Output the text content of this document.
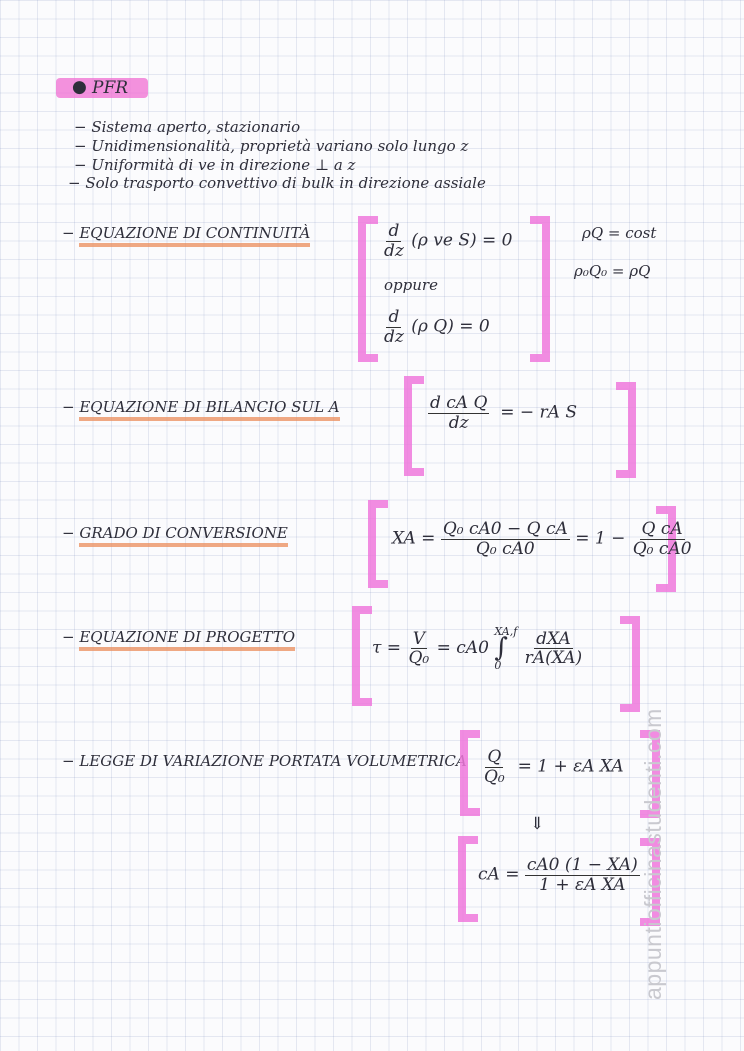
● PFR
− Sistema aperto, stazionario
− Unidimensionalità, proprietà variano solo lungo z
− Uniformità di ve in direzione ⊥ a z
− Solo trasporto convettivo di bulk in direzione assiale
− EQUAZIONE DI CONTINUITÀ	$\frac{d}{dz} (\rho$ ve S) = 0
oppure
$\frac{d}{dz} (\rho$ Q) = 0
ρQ = cost
ρ₀Q₀ = ρQ
− EQUAZIONE DI BILANCIO SUL A	$\frac{\text{d cA Q}}{dz}$ = − rA S
− GRADO DI CONVERSIONE	XA = $\frac{\text{Q₀ cA0 − Q cA}}{\text{Q₀ cA0}} = 1 - \frac{\text{Q cA}}{\text{Q₀ cA0}}$
− EQUAZIONE DI PROGETTO
$\tau = \frac{V}{\text{Q₀}} = cA0$
XA,f
∫
0
	$\frac{\text{dXA}}{rA(XA)}$
− LEGGE DI VARIAZIONE PORTATA VOLUMETRICA $\frac{Q}{\text{Q₀}} = 1 + \varepsilon A$ XA
⇓
cA = $\frac{cA0 (1 - XA)}{\text{1 + εA XA}}$ appuntiofficinastudenti.com
